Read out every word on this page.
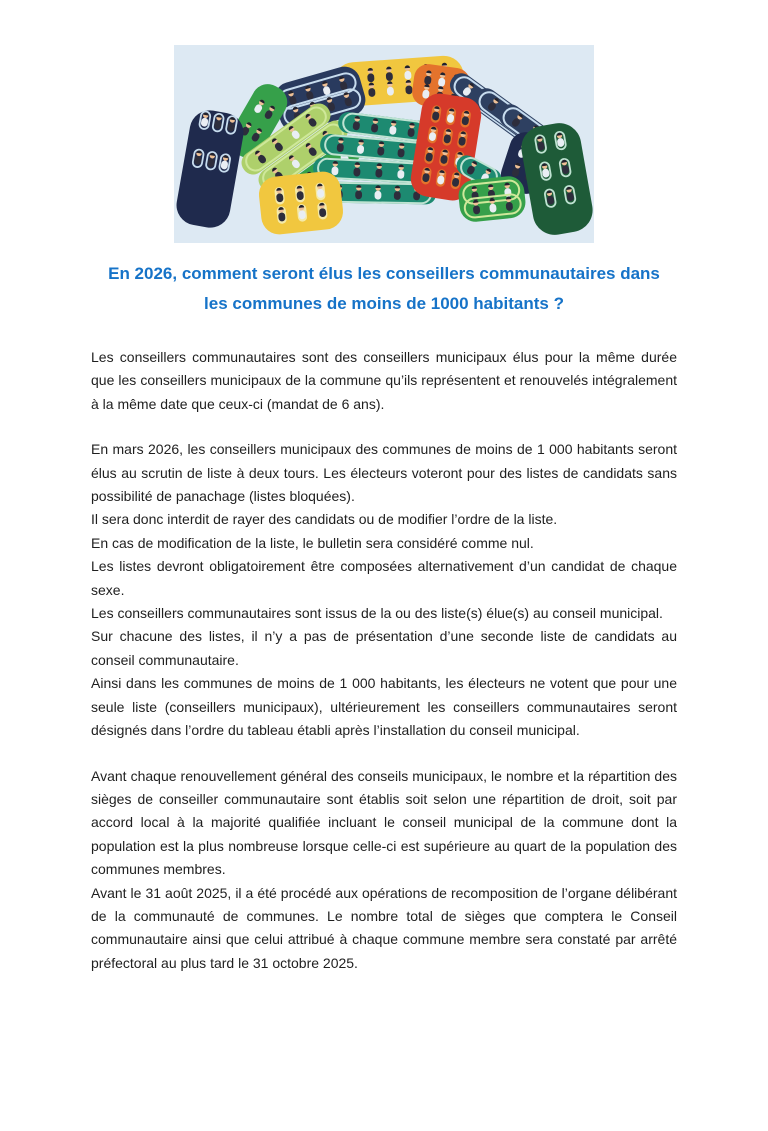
En 2026, comment seront élus les conseillers communautaires dans
les communes de moins de 1000 habitants ?

Les conseillers communautaires sont des conseillers municipaux élus pour la même durée que les conseillers municipaux de la commune qu’ils représentent et renouvelés intégralement à la même date que ceux-ci (mandat de 6 ans).

En mars 2026, les conseillers municipaux des communes de moins de 1 000 habitants seront élus au scrutin de liste à deux tours. Les électeurs voteront pour des listes de candidats sans possibilité de panachage (listes bloquées).

Il sera donc interdit de rayer des candidats ou de modifier l’ordre de la liste.

En cas de modification de la liste, le bulletin sera considéré comme nul.

Les listes devront obligatoirement être composées alternativement d’un candidat de chaque sexe.

Les conseillers communautaires sont issus de la ou des liste(s) élue(s) au conseil municipal.

Sur chacune des listes, il n’y a pas de présentation d’une seconde liste de candidats au conseil communautaire.

Ainsi dans les communes de moins de 1 000 habitants, les électeurs ne votent que pour une seule liste (conseillers municipaux), ultérieurement les conseillers communautaires seront désignés dans l’ordre du tableau établi après l’installation du conseil municipal.

Avant chaque renouvellement général des conseils municipaux, le nombre et la répartition des sièges de conseiller communautaire sont établis soit selon une répartition de droit, soit par accord local à la majorité qualifiée incluant le conseil municipal de la commune dont la population est la plus nombreuse lorsque celle-ci est supérieure au quart de la population des communes membres.

Avant le 31 août 2025, il a été procédé aux opérations de recomposition de l’organe délibérant de la communauté de communes. Le nombre total de sièges que comptera le Conseil communautaire ainsi que celui attribué à chaque commune membre sera constaté par arrêté préfectoral au plus tard le 31 octobre 2025.
